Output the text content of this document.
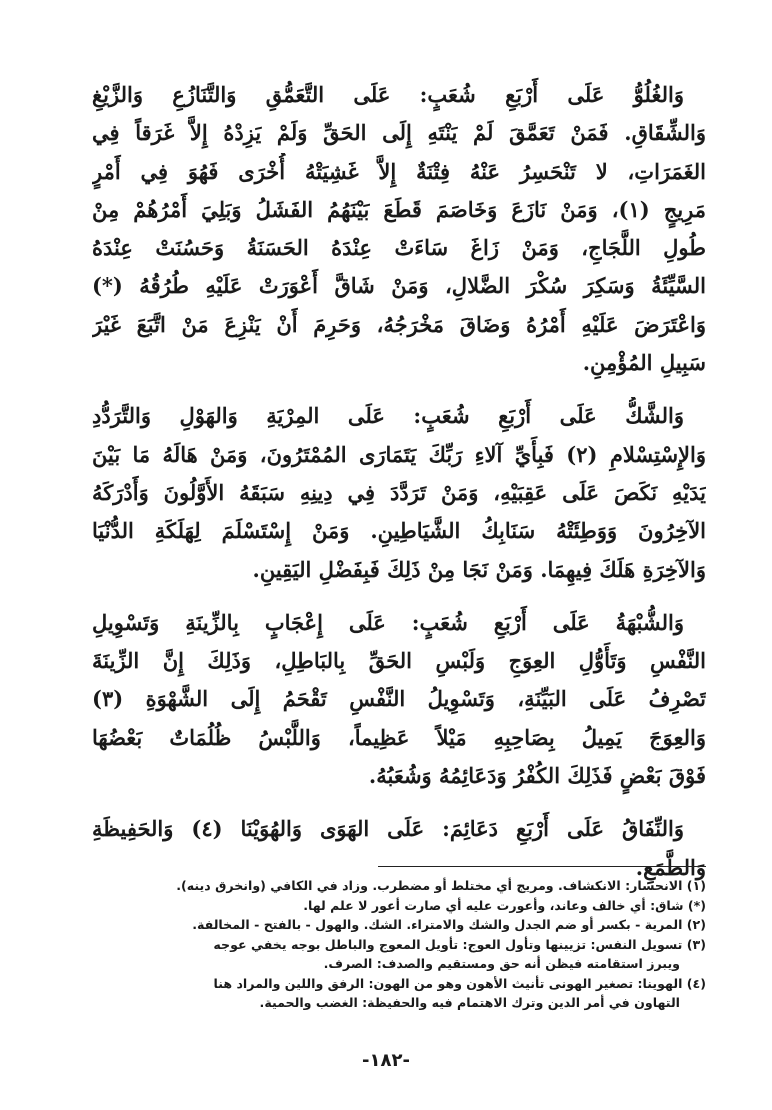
وَالغُلُوُّ عَلَى أَرْبَعِ شُعَبٍ: عَلَى التَّعَمُّقِ وَالتَّنَازُعِ وَالزَّيْغِ
وَالشِّقَاقِ. فَمَنْ تَعَمَّقَ لَمْ يَنْتَهِ إِلَى الحَقِّ وَلَمْ يَزِدْهُ إِلاَّ غَرَقاً فِي
الغَمَرَاتِ، لا تَنْحَسِرُ عَنْهُ فِتْنَةٌ إِلاَّ غَشِيَتْهُ أُخْرَى فَهُوَ فِي أَمْرٍ
مَرِيجٍ (١)، وَمَنْ نَازَعَ وَخَاصَمَ قَطَعَ بَيْنَهُمُ الفَشَلُ وَبَلِيَ أَمْرُهُمْ مِنْ
طُولِ اللَّجَاجِ، وَمَنْ زَاغَ سَاءَتْ عِنْدَهُ الحَسَنَةُ وَحَسُنَتْ عِنْدَهُ
السَّيِّئَةُ وَسَكِرَ سُكْرَ الضَّلالِ، وَمَنْ شَاقَّ أَعْوَرَتْ عَلَيْهِ طُرُقُهُ (*)
وَاعْتَرَضَ عَلَيْهِ أَمْرُهُ وَضَاقَ مَخْرَجُهُ، وَحَرِمَ أَنْ يَنْزِعَ مَنْ اتَّبَعَ غَيْرَ
سَبِيلِ المُؤْمِنِ.

وَالشَّكُّ عَلَى أَرْبَعِ شُعَبٍ: عَلَى المِرْيَةِ وَالهَوْلِ وَالتَّرَدُّدِ
وَالإِسْتِسْلامِ (٢) فَبِأَيِّ آلاءِ رَبِّكَ يَتَمَارَى المُمْتَرُونَ، وَمَنْ هَالَهُ مَا بَيْنَ
يَدَيْهِ نَكَصَ عَلَى عَقِبَيْهِ، وَمَنْ تَرَدَّدَ فِي دِينِهِ سَبَقَهُ الأَوَّلُونَ وَأَدْرَكَهُ
الآخِرُونَ وَوَطِئَتْهُ سَنَابِكُ الشَّيَاطِينِ. وَمَنْ إِسْتَسْلَمَ لِهَلَكَةِ الدُّنْيَا
وَالآخِرَةِ هَلَكَ فِيهِمَا. وَمَنْ نَجَا مِنْ ذَلِكَ فَبِفَضْلِ اليَقِينِ.

وَالشُّبْهَةُ عَلَى أَرْبَعِ شُعَبٍ: عَلَى إِعْجَابٍ بِالزِّينَةِ وَتَسْوِيلِ
النَّفْسِ وَتَأَوُّلِ العِوَجِ وَلَبْسِ الحَقِّ بِالبَاطِلِ، وَذَلِكَ إِنَّ الزِّينَةَ
تَصْرِفُ عَلَى البَيِّنَةِ، وَتَسْوِيلُ النَّفْسِ تَقْحَمُ إِلَى الشَّهْوَةِ (٣)
وَالعِوَجَ يَمِيلُ بِصَاحِبِهِ مَيْلاً عَظِيماً، وَاللَّبْسُ ظُلُمَاتٌ بَعْضُهَا
فَوْقَ بَعْضٍ فَذَلِكَ الكُفْرُ وَدَعَائِمُهُ وَشُعَبُهُ.

وَالنِّفَاقُ عَلَى أَرْبَعِ دَعَائِمَ: عَلَى الهَوَى وَالهُوَيْنَا (٤) وَالحَفِيظَةِ
وَالطَّمَعِ.

(١) الانحسار: الانكشاف. ومريج أي مختلط أو مضطرب. وزاد في الكافي (وانخرق دينه).
(*) شاق: أي خالف وعاند، وأعورت عليه أي صارت أعور لا علم لها.
(٢) المرية - بكسر أو ضم الجدل والشك والامتراء. الشك. والهول - بالفتح - المخالفة.
(٣) تسويل النفس: تزيينها وتأول العوج: تأويل المعوج والباطل بوجه يخفي عوجه
ويبرز استقامته فيظن أنه حق ومستقيم والصدف: الصرف.
(٤) الهوينا: تصغير الهونى تأنيث الأهون وهو من الهون: الرفق واللين والمراد هنا
التهاون في أمر الدين وترك الاهتمام فيه والحفيظة: الغضب والحمية.
-١٨٢-
